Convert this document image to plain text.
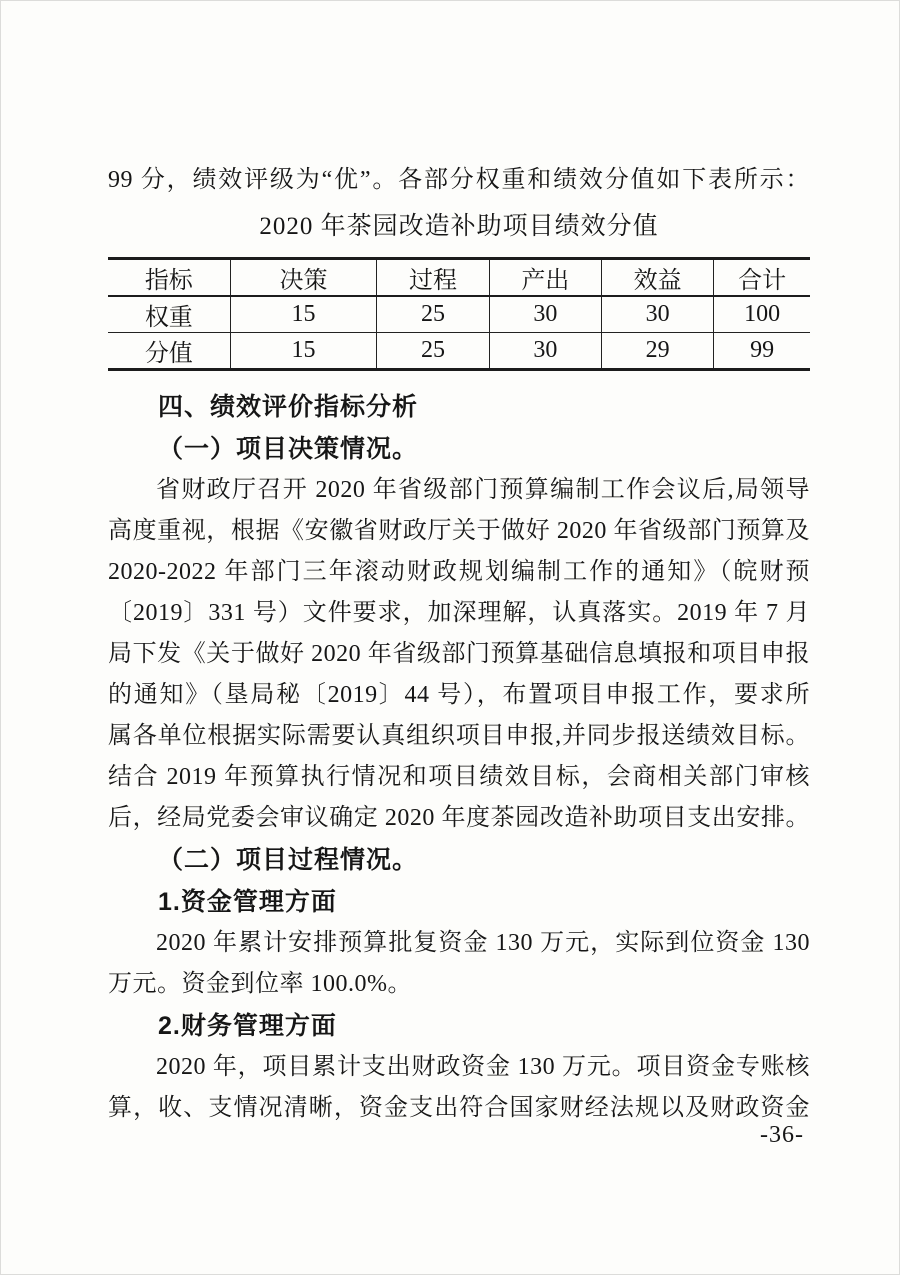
99 分，绩效评级为“优”。各部分权重和绩效分值如下表所示：
2020 年茶园改造补助项目绩效分值
指标	决策	过程	产出	效益	合计
权重	15	25	30	30	100
分值	15	25	30	29	99
四、绩效评价指标分析
（一）项目决策情况。
省财政厅召开 2020 年省级部门预算编制工作会议后,局领导
高度重视，根据《安徽省财政厅关于做好 2020 年省级部门预算及
2020-2022 年部门三年滚动财政规划编制工作的通知》（皖财预
〔2019〕331 号）文件要求，加深理解，认真落实。2019 年 7 月
局下发《关于做好 2020 年省级部门预算基础信息填报和项目申报
的通知》（垦局秘〔2019〕44 号），布置项目申报工作，要求所
属各单位根据实际需要认真组织项目申报,并同步报送绩效目标。
结合 2019 年预算执行情况和项目绩效目标，会商相关部门审核
后，经局党委会审议确定 2020 年度茶园改造补助项目支出安排。
（二）项目过程情况。
1.资金管理方面
2020 年累计安排预算批复资金 130 万元，实际到位资金 130
万元。资金到位率 100.0%。
2.财务管理方面
2020 年，项目累计支出财政资金 130 万元。项目资金专账核
算，收、支情况清晰，资金支出符合国家财经法规以及财政资金
-36-
